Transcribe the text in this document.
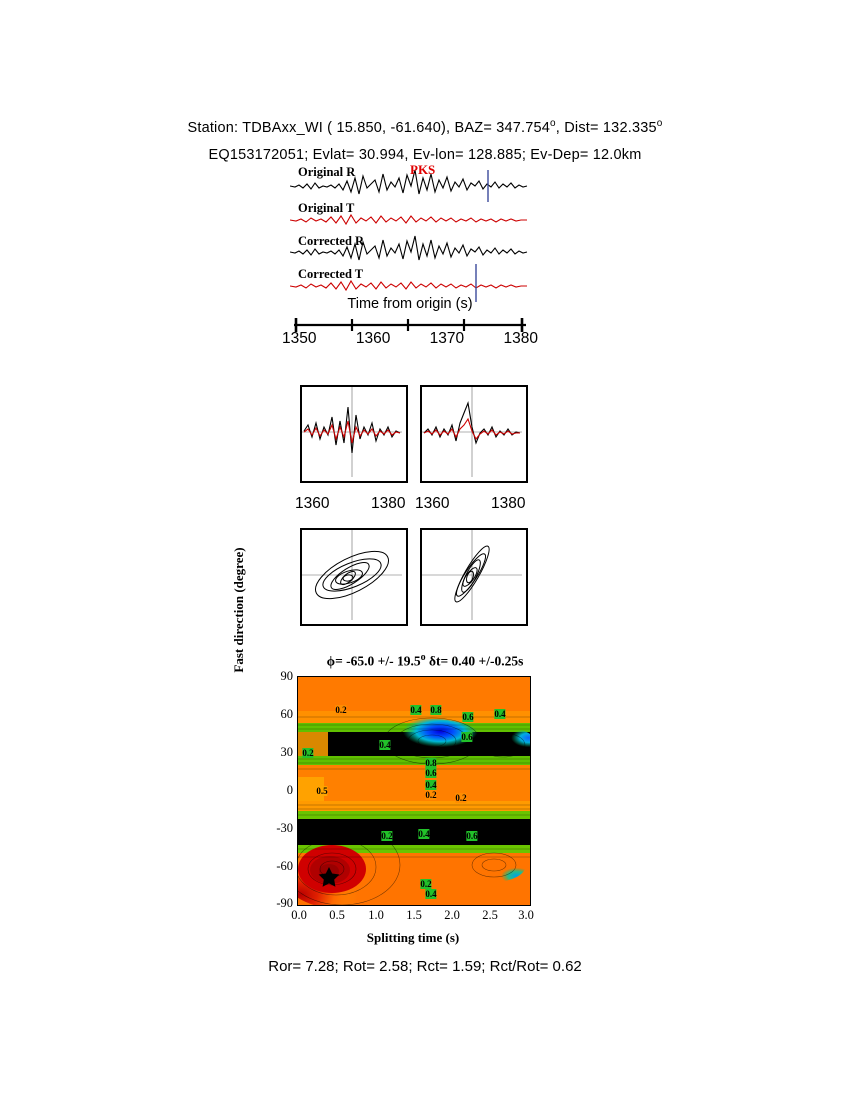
Station: TDBAxx_WI ( 15.850, -61.640), $BAZ= 347.754^o$, Dist= $132.335^o$
EQ153172051; Evlat= 30.994, Ev-lon= 128.885; Ev-Dep= 12.0km
Original R
Original T
Corrected R
Corrected T
PKS
Time from origin (s)
1350	1360	1370	1380
1360	1380 1360	1380
ϕ= -65.0 +/- 19.5$^o$ δt= 0.40 +/-0.25s
Fast direction (degree)
90
60
30
0
-30
-60
-90
0.2	0.4 0.8
0.6 0.4
0.2
0.4
0.6
0.8
0.6
0.4
0.2
0.5
0.2
0.2	0.4	0.6
0.2
0.4
0.0 0.5 1.0 1.5 2.0 2.5 3.0
Splitting time (s)
Ror= 7.28; Rot= 2.58; Rct= 1.59; Rct/Rot= 0.62
